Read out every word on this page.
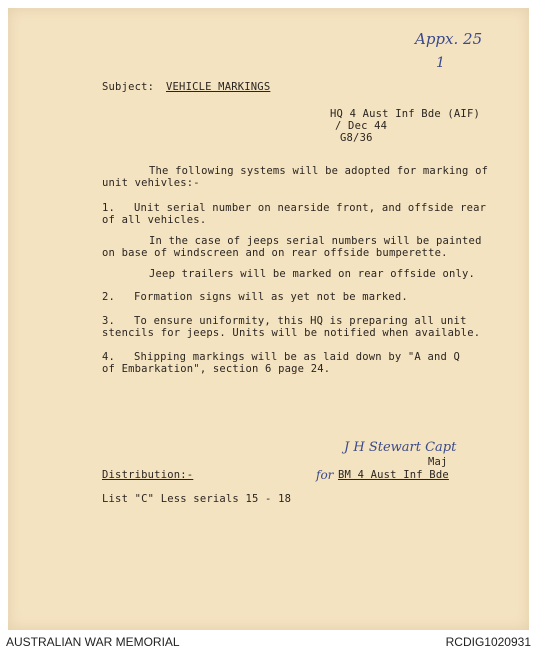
Appx. 25
1
Subject: VEHICLE MARKINGS
HQ 4 Aust Inf Bde (AIF)
/ Dec 44
G8/36
The following systems will be adopted for marking of
unit vehivles:-
1. Unit serial number on nearside front, and offside rear
of all vehicles.
In the case of jeeps serial numbers will be painted
on base of windscreen and on rear offside bumperette.
Jeep trailers will be marked on rear offside only.
2. Formation signs will as yet not be marked.
3. To ensure uniformity, this HQ is preparing all unit
stencils for jeeps. Units will be notified when available.
4. Shipping markings will be as laid down by "A and Q
of Embarkation", section 6 page 24.
J H Stewart Capt
Maj
for BM 4 Aust Inf Bde
Distribution:-
List "C" Less serials 15 - 18
AUSTRALIAN WAR MEMORIAL	RCDIG1020931
